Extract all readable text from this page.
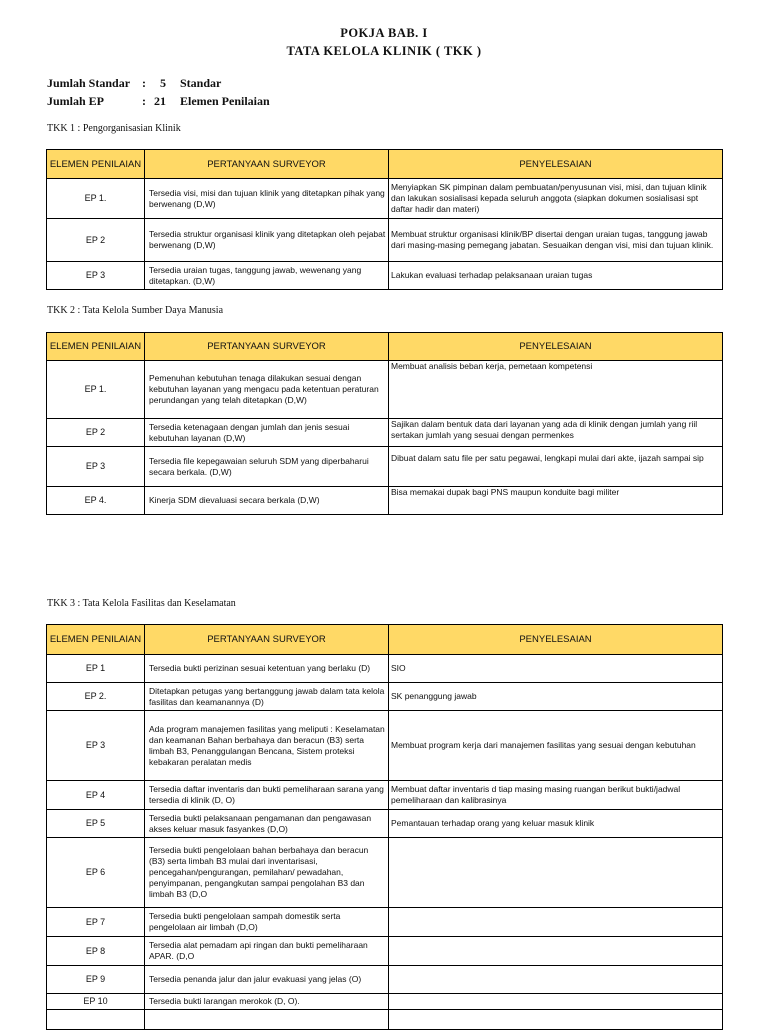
POKJA BAB. I
TATA KELOLA KLINIK ( TKK )
Jumlah Standar : 5 Standar
Jumlah EP	: 21 Elemen Penilaian
TKK 1 : Pengorganisasian Klinik
ELEMEN PENILAIAN	PERTANYAAN SURVEYOR	PENYELESAIAN
EP 1.	Tersedia visi, misi dan tujuan klinik yang ditetapkan pihak yang berwenang (D,W)	Menyiapkan SK pimpinan dalam pembuatan/penyusunan visi, misi, dan tujuan klinik dan lakukan sosialisasi kepada seluruh anggota (siapkan dokumen sosialisasi spt daftar hadir dan materi)
EP 2	Tersedia struktur organisasi klinik yang ditetapkan oleh pejabat berwenang (D,W)	Membuat struktur organisasi klinik/BP disertai dengan uraian tugas, tanggung jawab dari masing-masing pemegang jabatan. Sesuaikan dengan visi, misi dan tujuan klinik.
EP 3	Tersedia uraian tugas, tanggung jawab, wewenang yang ditetapkan. (D,W)	Lakukan evaluasi terhadap pelaksanaan uraian tugas
TKK 2 : Tata Kelola Sumber Daya Manusia
ELEMEN PENILAIAN	PERTANYAAN SURVEYOR	PENYELESAIAN
EP 1.	Pemenuhan kebutuhan tenaga dilakukan sesuai dengan kebutuhan layanan yang mengacu pada ketentuan peraturan perundangan yang telah ditetapkan (D,W)	Membuat analisis beban kerja, pemetaan kompetensi
EP 2	Tersedia ketenagaan dengan jumlah dan jenis sesuai kebutuhan layanan (D,W)	Sajikan dalam bentuk data dari layanan yang ada di klinik dengan jumlah yang riil sertakan jumlah yang sesuai dengan permenkes
EP 3	Tersedia file kepegawaian seluruh SDM yang diperbaharui secara berkala. (D,W)	Dibuat dalam satu file per satu pegawai, lengkapi mulai dari akte, ijazah sampai sip
EP 4.	Kinerja SDM dievaluasi secara berkala (D,W)	Bisa memakai dupak bagi PNS maupun konduite bagi militer
TKK 3 : Tata Kelola Fasilitas dan Keselamatan
ELEMEN PENILAIAN	PERTANYAAN SURVEYOR	PENYELESAIAN
EP 1	Tersedia bukti perizinan sesuai ketentuan yang berlaku (D)	SIO
EP 2.	Ditetapkan petugas yang bertanggung jawab dalam tata kelola fasilitas dan keamanannya (D)	SK penanggung jawab
EP 3	Ada program manajemen fasilitas yang meliputi : Keselamatan dan keamanan Bahan berbahaya dan beracun (B3) serta limbah B3, Penanggulangan Bencana, Sistem proteksi kebakaran peralatan medis	Membuat program kerja dari manajemen fasilitas yang sesuai dengan kebutuhan
EP 4	Tersedia daftar inventaris dan bukti pemeliharaan sarana yang tersedia di klinik (D, O)	Membuat daftar inventaris d tiap masing masing ruangan berikut bukti/jadwal pemeliharaan dan kalibrasinya
EP 5	Tersedia bukti pelaksanaan pengamanan dan pengawasan akses keluar masuk fasyankes (D,O)	Pemantauan terhadap orang yang keluar masuk klinik
EP 6	Tersedia bukti pengelolaan bahan berbahaya dan beracun (B3) serta limbah B3 mulai dari inventarisasi, pencegahan/pengurangan, pemilahan/ pewadahan, penyimpanan, pengangkutan sampai pengolahan B3 dan limbah B3 (D,O	
EP 7	Tersedia bukti pengelolaan sampah domestik serta pengelolaan air limbah (D,O)	
EP 8	Tersedia alat pemadam api ringan dan bukti pemeliharaan APAR. (D,O	
EP 9	Tersedia penanda jalur dan jalur evakuasi yang jelas (O)	
EP 10	Tersedia bukti larangan merokok (D, O).	
